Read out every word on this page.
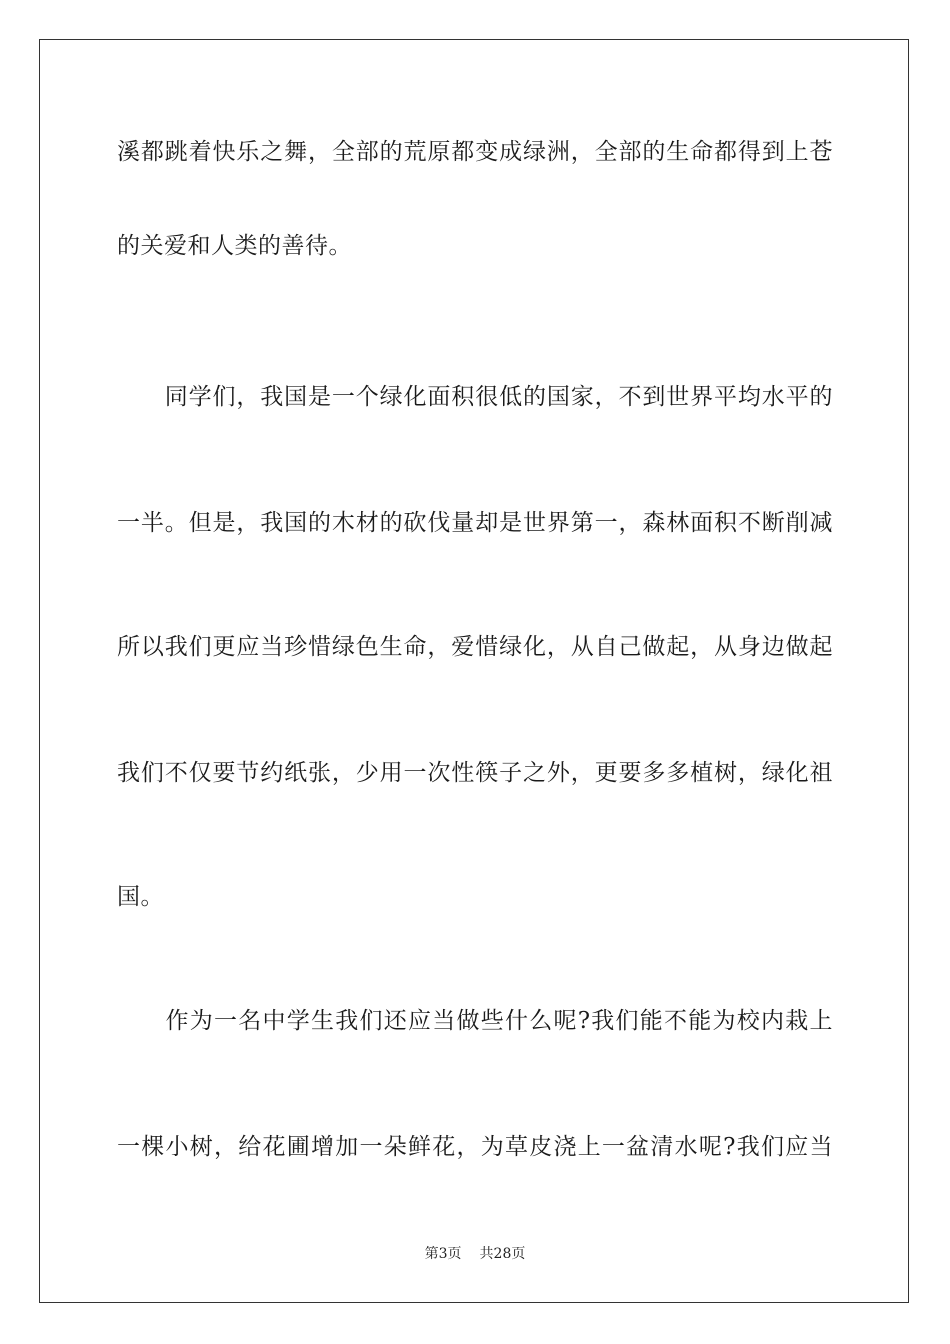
溪都跳着快乐之舞，全部的荒原都变成绿洲，全部的生命都得到上苍
的关爱和人类的善待。
　　同学们，我国是一个绿化面积很低的国家，不到世界平均水平的
一半。但是，我国的木材的砍伐量却是世界第一，森林面积不断削减
所以我们更应当珍惜绿色生命，爱惜绿化，从自己做起，从身边做起
我们不仅要节约纸张，少用一次性筷子之外，更要多多植树，绿化祖
国。
　　作为一名中学生我们还应当做些什么呢?我们能不能为校内栽上
一棵小树，给花圃增加一朵鲜花，为草皮浇上一盆清水呢?我们应当
第3页 共28页
